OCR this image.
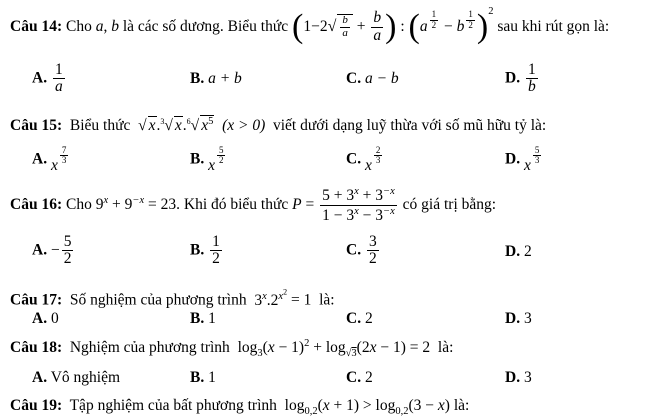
Câu 14:
Cho
a ,
b
là các số dương. Biểu thức
( 1−2 √ $\frac{b}{a} + \frac{b}{a}$ ) : ( a $^{\frac{1}{2}}$ − b $^{\frac{1}{2}}$ )$^2$

sau khi rút gọn là:
A. $\frac{1}{a}$	B. a + b	C. a − b	D. $\frac{1}{b}$
Câu 15: Biểu thức √ x.$^3$√ x.$^6$√ $x^5$ (x > 0) viết dưới dạng luỹ thừa với số mũ hữu tỷ là:
A. x $\frac{7}{3}$	B. x $\frac{5}{2}$	C. x $\frac{2}{3}$	D. x $\frac{5}{3}$
Câu 16:
Cho
$9^x + 9^{-x} = 23$ . Khi đó biểu thức
$P = \frac{5 + 3^x + 3^{-x}}{1 - 3^x - 3^{-x}}$
có giá trị bằng:
A. − $\frac{5}{2}$	B. $\frac{1}{2}$	C. $\frac{3}{2}$	D. 2
Câu 17: Số nghiệm của phương trình $3^x.2^{x^2} = 1$ là:
A. 0	B. 1	C. 2	D. 3
Câu 18: Nghiệm của phương trình $\log_3(x - 1)^2 + \log_{√3}(2x - 1) = 2$ là:
A. Vô nghiệm	B. 1	C. 2	D. 3
Câu 19: Tập nghiệm của bất phương trình $\log_{0,2}(x + 1) > \log_{0,2}(3 - x)$ là:
